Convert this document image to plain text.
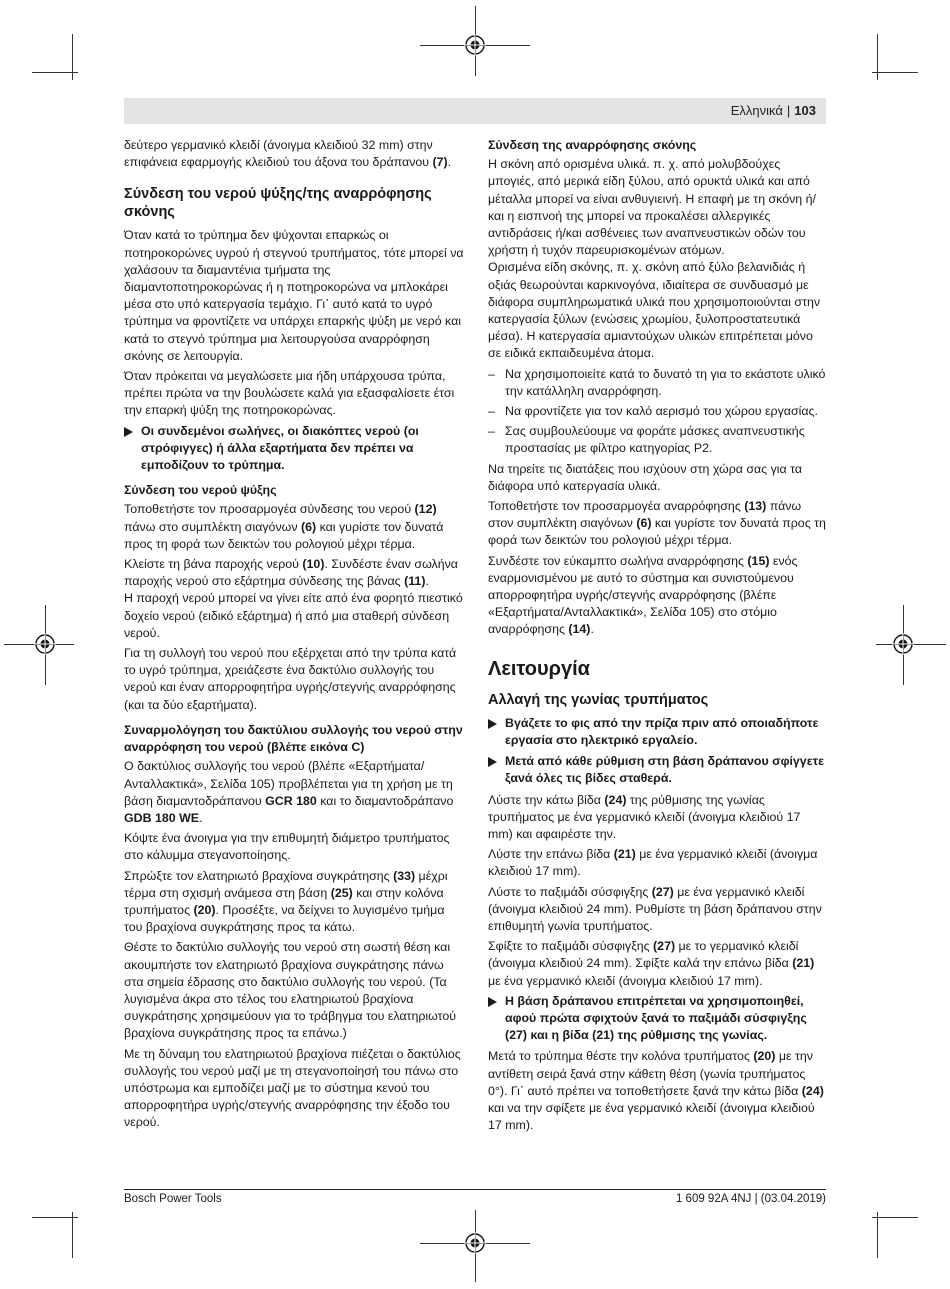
Ελληνικά | 103

δεύτερο γερμανικό κλειδί (άνοιγμα κλειδιού 32 mm) στην επιφάνεια εφαρμογής κλειδιού του άξονα του δράπανου (7).

Σύνδεση του νερού ψύξης/της αναρρόφησης σκόνης

Όταν κατά το τρύπημα δεν ψύχονται επαρκώς οι ποτηροκορώνες υγρού ή στεγνού τρυπήματος, τότε μπορεί να χαλάσουν τα διαμαντένια τμήματα της διαμαντοποτηροκορώνας ή η ποτηροκορώνα να μπλοκάρει μέσα στο υπό κατεργασία τεμάχιο. Γι᾽ αυτό κατά το υγρό τρύπημα να φροντίζετε να υπάρχει επαρκής ψύξη με νερό και κατά το στεγνό τρύπημα μια λειτουργούσα αναρρόφηση σκόνης σε λειτουργία.

Όταν πρόκειται να μεγαλώσετε μια ήδη υπάρχουσα τρύπα, πρέπει πρώτα να την βουλώσετε καλά για εξασφαλίσετε έτσι την επαρκή ψύξη της ποτηροκορώνας.

Οι συνδεμένοι σωλήνες, οι διακόπτες νερού (οι στρόφιγγες) ή άλλα εξαρτήματα δεν πρέπει να εμποδίζουν το τρύπημα.
Σύνδεση του νερού ψύξης

Τοποθετήστε τον προσαρμογέα σύνδεσης του νερού (12) πάνω στο συμπλέκτη σιαγόνων (6) και γυρίστε τον δυνατά προς τη φορά των δεικτών του ρολογιού μέχρι τέρμα.

Κλείστε τη βάνα παροχής νερού (10). Συνδέστε έναν σωλήνα παροχής νερού στο εξάρτημα σύνδεσης της βάνας (11).

Η παροχή νερού μπορεί να γίνει είτε από ένα φορητό πιεστικό δοχείο νερού (ειδικό εξάρτημα) ή από μια σταθερή σύνδεση νερού.

Για τη συλλογή του νερού που εξέρχεται από την τρύπα κατά το υγρό τρύπημα, χρειάζεστε ένα δακτύλιο συλλογής του νερού και έναν απορροφητήρα υγρής/στεγνής αναρρόφησης (και τα δύο εξαρτήματα).

Συναρμολόγηση του δακτύλιου συλλογής του νερού στην αναρρόφηση του νερού (βλέπε εικόνα C)

Ο δακτύλιος συλλογής του νερού (βλέπε «Εξαρτήματα/Ανταλλακτικά», Σελίδα 105) προβλέπεται για τη χρήση με τη βάση διαμαντοδράπανου GCR 180 και το διαμαντοδράπανο GDB 180 WE.

Κόψτε ένα άνοιγμα για την επιθυμητή διάμετρο τρυπήματος στο κάλυμμα στεγανοποίησης.

Σπρώξτε τον ελατηριωτό βραχίονα συγκράτησης (33) μέχρι τέρμα στη σχισμή ανάμεσα στη βάση (25) και στην κολόνα τρυπήματος (20). Προσέξτε, να δείχνει το λυγισμένο τμήμα του βραχίονα συγκράτησης προς τα κάτω.

Θέστε το δακτύλιο συλλογής του νερού στη σωστή θέση και ακουμπήστε τον ελατηριωτό βραχίονα συγκράτησης πάνω στα σημεία έδρασης στο δακτύλιο συλλογής του νερού. (Τα λυγισμένα άκρα στο τέλος του ελατηριωτού βραχίονα συγκράτησης χρησιμεύουν για το τράβηγμα του ελατηριωτού βραχίονα συγκράτησης προς τα επάνω.)

Με τη δύναμη του ελατηριωτού βραχίονα πιέζεται ο δακτύλιος συλλογής του νερού μαζί με τη στεγανοποίησή του πάνω στο υπόστρωμα και εμποδίζει μαζί με το σύστημα κενού του απορροφητήρα υγρής/στεγνής αναρρόφησης την έξοδο του νερού.

Σύνδεση της αναρρόφησης σκόνης

Η σκόνη από ορισμένα υλικά. π. χ. από μολυβδούχες μπογιές, από μερικά είδη ξύλου, από ορυκτά υλικά και από μέταλλα μπορεί να είναι ανθυγιεινή. Η επαφή με τη σκόνη ή/και η εισπνοή της μπορεί να προκαλέσει αλλεργικές αντιδράσεις ή/και ασθένειες των αναπνευστικών οδών του χρήστη ή τυχόν παρευρισκομένων ατόμων.

Ορισμένα είδη σκόνης, π. χ. σκόνη από ξύλο βελανιδιάς ή οξιάς θεωρούνται καρκινογόνα, ιδιαίτερα σε συνδυασμό με διάφορα συμπληρωματικά υλικά που χρησιμοποιούνται στην κατεργασία ξύλων (ενώσεις χρωμίου, ξυλοπροστατευτικά μέσα). Η κατεργασία αμιαντούχων υλικών επιτρέπεται μόνο σε ειδικά εκπαιδευμένα άτομα.

– Να χρησιμοποιείτε κατά το δυνατό τη για το εκάστοτε υλικό την κατάλληλη αναρρόφηση.
– Να φροντίζετε για τον καλό αερισμό του χώρου εργασίας.
– Σας συμβουλεύουμε να φοράτε μάσκες αναπνευστικής προστασίας με φίλτρο κατηγορίας P2.

Να τηρείτε τις διατάξεις που ισχύουν στη χώρα σας για τα διάφορα υπό κατεργασία υλικά.

Τοποθετήστε τον προσαρμογέα αναρρόφησης (13) πάνω στον συμπλέκτη σιαγόνων (6) και γυρίστε τον δυνατά προς τη φορά των δεικτών του ρολογιού μέχρι τέρμα.

Συνδέστε τον εύκαμπτο σωλήνα αναρρόφησης (15) ενός εναρμονισμένου με αυτό το σύστημα και συνιστούμενου απορροφητήρα υγρής/στεγνής αναρρόφησης (βλέπε «Εξαρτήματα/Ανταλλακτικά», Σελίδα 105) στο στόμιο αναρρόφησης (14).

Λειτουργία
Αλλαγή της γωνίας τρυπήματος
Βγάζετε το φις από την πρίζα πριν από οποιαδήποτε εργασία στο ηλεκτρικό εργαλείο.
Μετά από κάθε ρύθμιση στη βάση δράπανου σφίγγετε ξανά όλες τις βίδες σταθερά.

Λύστε την κάτω βίδα (24) της ρύθμισης της γωνίας τρυπήματος με ένα γερμανικό κλειδί (άνοιγμα κλειδιού 17 mm) και αφαιρέστε την.

Λύστε την επάνω βίδα (21) με ένα γερμανικό κλειδί (άνοιγμα κλειδιού 17 mm).

Λύστε το παξιμάδι σύσφιγξης (27) με ένα γερμανικό κλειδί (άνοιγμα κλειδιού 24 mm). Ρυθμίστε τη βάση δράπανου στην επιθυμητή γωνία τρυπήματος.

Σφίξτε το παξιμάδι σύσφιγξης (27) με το γερμανικό κλειδί (άνοιγμα κλειδιού 24 mm). Σφίξτε καλά την επάνω βίδα (21) με ένα γερμανικό κλειδί (άνοιγμα κλειδιού 17 mm).

Η βάση δράπανου επιτρέπεται να χρησιμοποιηθεί, αφού πρώτα σφιχτούν ξανά το παξιμάδι σύσφιγξης (27) και η βίδα (21) της ρύθμισης της γωνίας.

Μετά το τρύπημα θέστε την κολόνα τρυπήματος (20) με την αντίθετη σειρά ξανά στην κάθετη θέση (γωνία τρυπήματος 0°). Γι᾽ αυτό πρέπει να τοποθετήσετε ξανά την κάτω βίδα (24) και να την σφίξετε με ένα γερμανικό κλειδί (άνοιγμα κλειδιού 17 mm).

Bosch Power Tools	1 609 92A 4NJ | (03.04.2019)
